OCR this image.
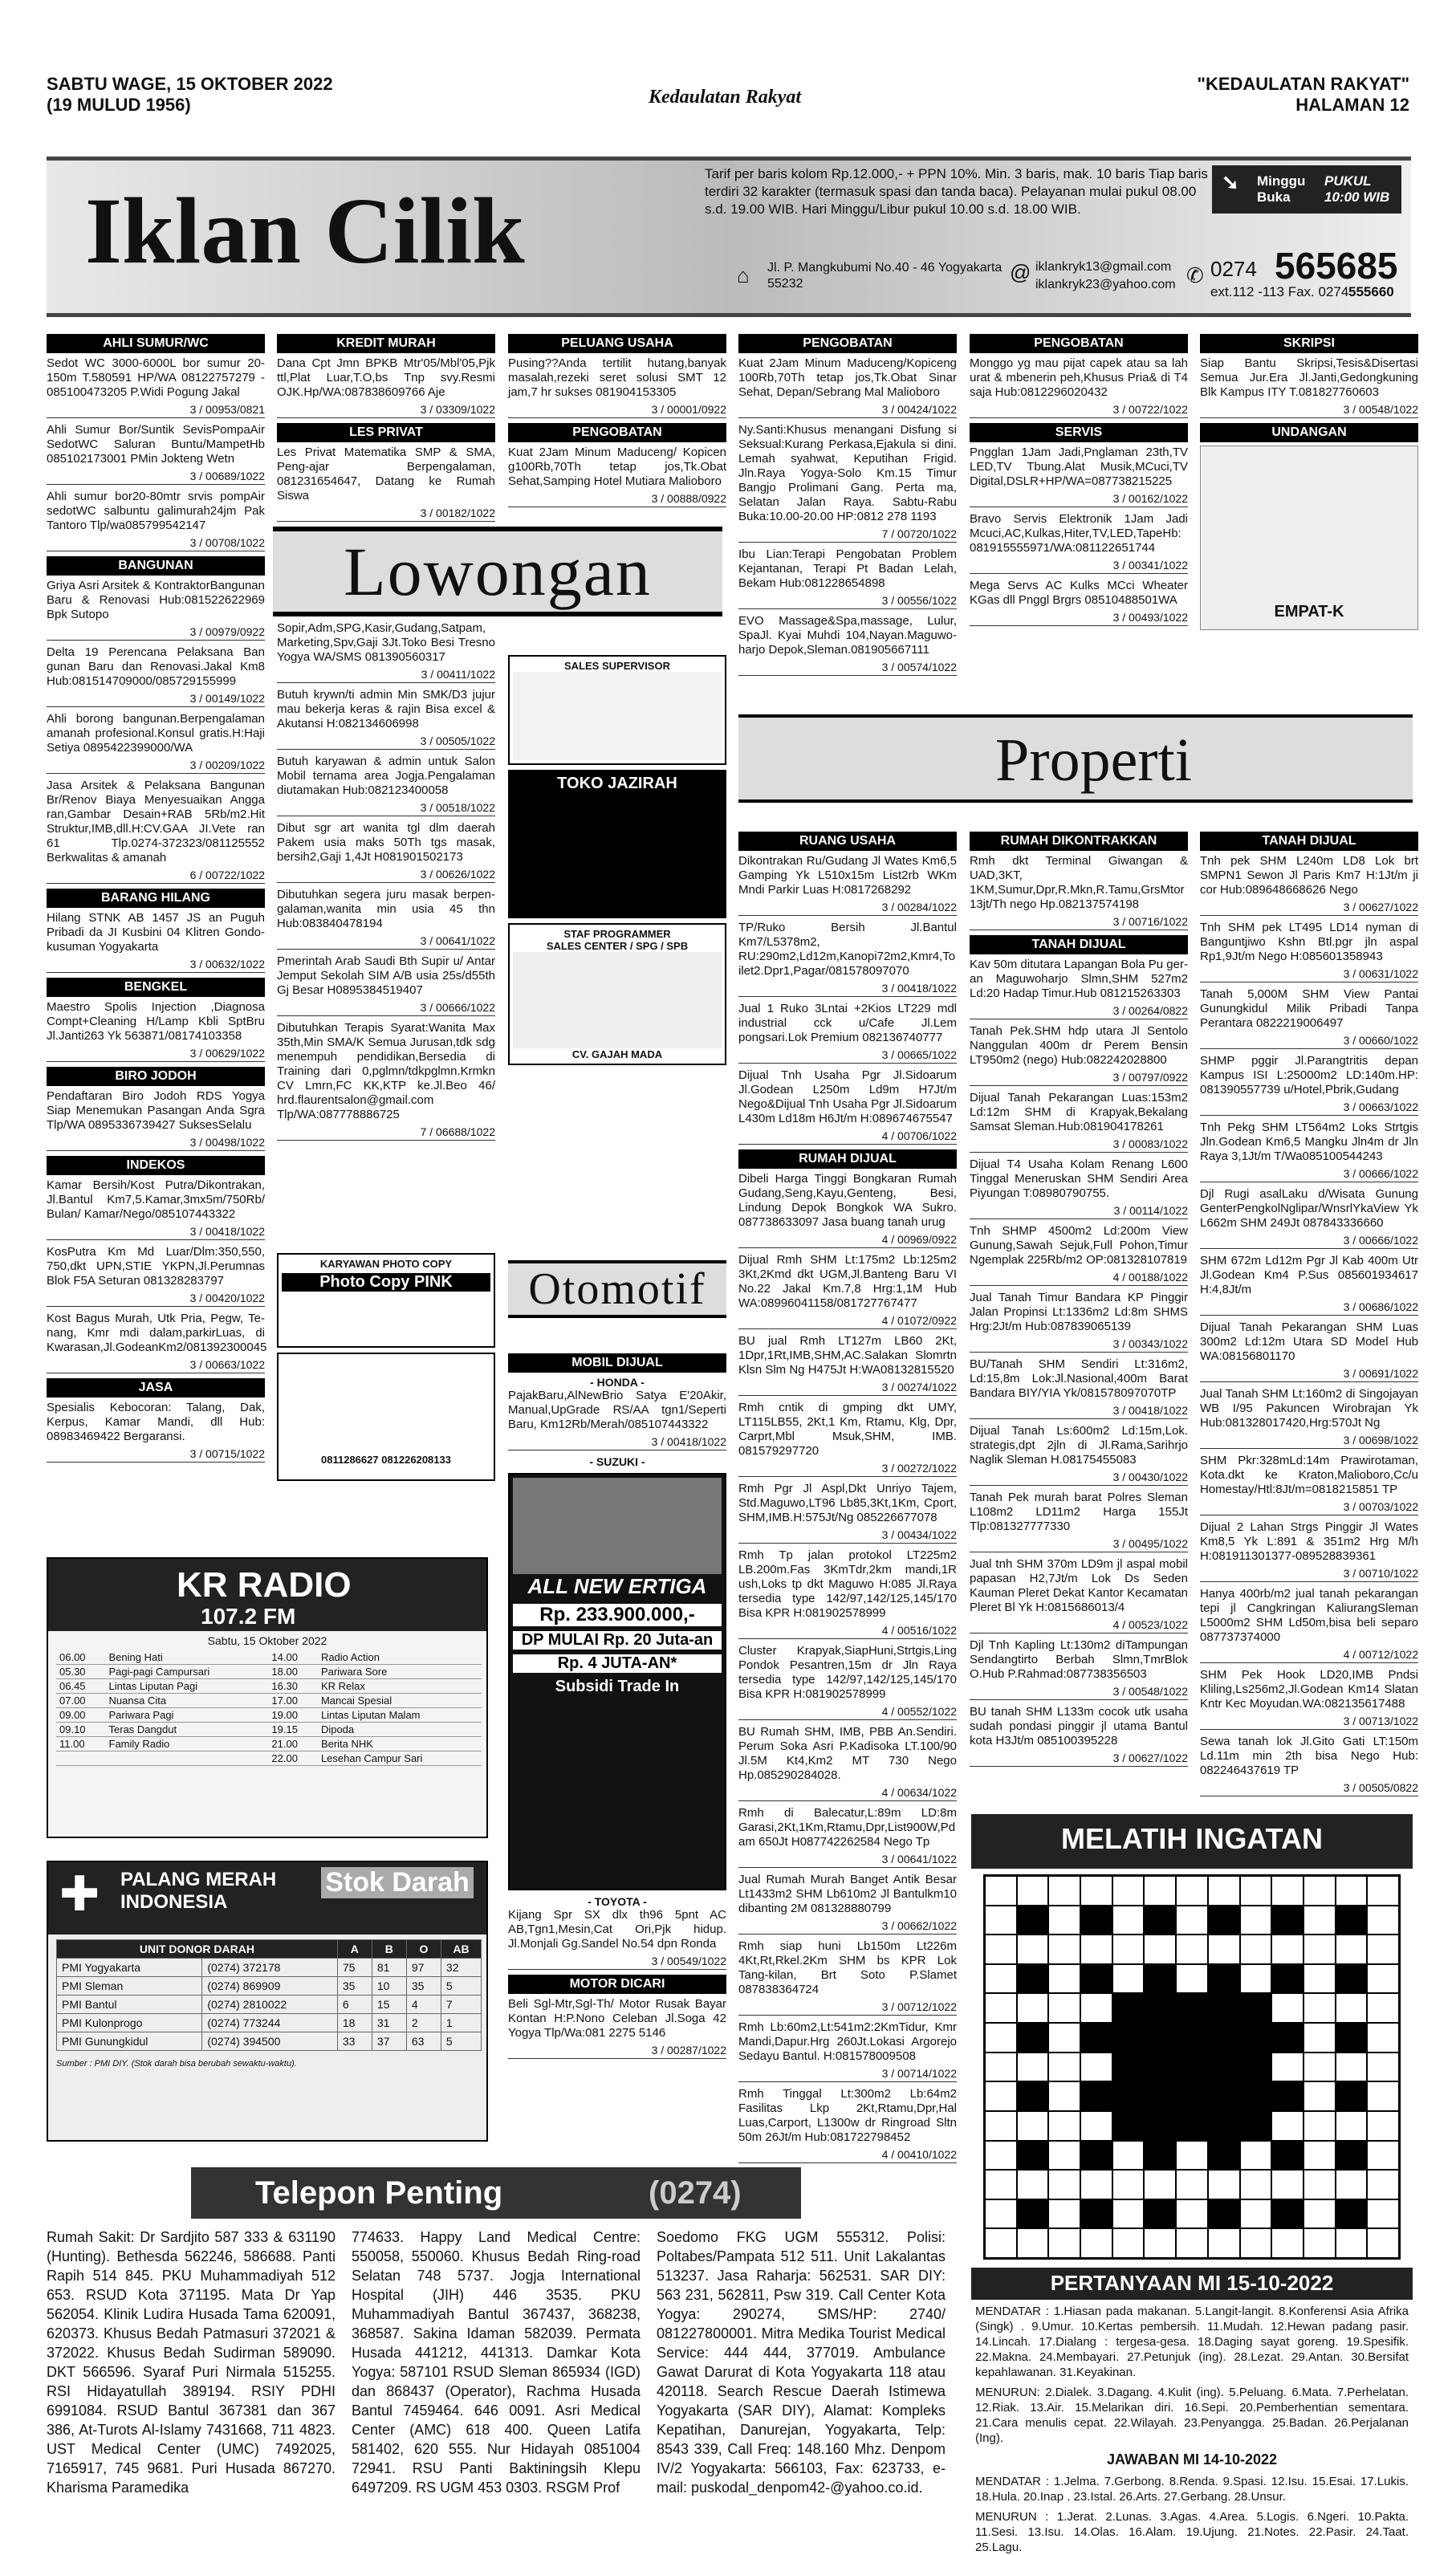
SABTU WAGE, 15 OKTOBER 2022
(19 MULUD 1956)	Kedaulatan Rakyat
"KEDAULATAN RAKYAT"
HALAMAN 12
Iklan Cilik
Tarif per baris kolom Rp.12.000,- + PPN 10%. Min. 3 baris, mak. 10 baris Tiap baris terdiri 32 karakter (termasuk spasi dan tanda baca). Pelayanan mulai pukul 08.00 s.d. 19.00 WIB. Hari Minggu/Libur pukul 10.00 s.d. 18.00 WIB.
➘ Minggu Buka
PUKUL 10:00 WIB
⌂ Jl. P. Mangkubumi No.40 - 46 Yogyakarta 55232	@ iklankryk13@gmail.com
iklankryk23@yahoo.com ✆ 0274 565685
ext.112 -113 Fax. 0274 555660
AHLI SUMUR/WC
Sedot WC 3000-6000L bor sumur 20-150m T.580591 HP/WA 08122757279 - 085100473205 P.Widi Pogung Jakal
3 / 00953/0821
Ahli Sumur Bor/Suntik SevisPompaAir SedotWC Saluran Buntu/MampetHb 085102173001 PMin Jokteng Wetn
3 / 00689/1022
Ahli sumur bor20-80mtr srvis pompAir sedotWC salbuntu galimurah24jm Pak Tantoro Tlp/wa085799542147
3 / 00708/1022
BANGUNAN
Griya Asri Arsitek & KontraktorBangunan Baru & Renovasi Hub:081522622969 Bpk Sutopo
3 / 00979/0922
Delta 19 Perencana Pelaksana Ban gunan Baru dan Renovasi.Jakal Km8 Hub:081514709000/085729155999
3 / 00149/1022
Ahli borong bangunan.Berpengalaman amanah profesional.Konsul gratis.H:Haji Setiya 0895422399000/WA
3 / 00209/1022
Jasa Arsitek & Pelaksana Bangunan Br/Renov Biaya Menyesuaikan Angga ran,Gambar Desain+RAB 5Rb/m2.Hit Struktur,IMB,dll.H:CV.GAA JI.Vete ran 61 Tlp.0274-372323/081125552 Berkwalitas & amanah
6 / 00722/1022
BARANG HILANG
Hilang STNK AB 1457 JS an Puguh Pribadi da JI Kusbini 04 Klitren Gondo-kusuman Yogyakarta
3 / 00632/1022
BENGKEL
Maestro Spolis Injection ,Diagnosa Compt+Cleaning H/Lamp Kbli SptBru Jl.Janti263 Yk 563871/08174103358
3 / 00629/1022
BIRO JODOH
Pendaftaran Biro Jodoh RDS Yogya Siap Menemukan Pasangan Anda Sgra Tlp/WA 0895336739427 SuksesSelalu
3 / 00498/1022
INDEKOS
Kamar Bersih/Kost Putra/Dikontrakan, Jl.Bantul Km7,5.Kamar,3mx5m/750Rb/ Bulan/ Kamar/Nego/085107443322
3 / 00418/1022
KosPutra Km Md Luar/Dlm:350,550, 750,dkt UPN,STIE YKPN,Jl.Perumnas Blok F5A Seturan 081328283797
3 / 00420/1022
Kost Bagus Murah, Utk Pria, Pegw, Te-nang, Kmr mdi dalam,parkirLuas, di Kwarasan,Jl.GodeanKm2/081392300045
3 / 00663/1022
JASA
Spesialis Kebocoran: Talang, Dak, Kerpus, Kamar Mandi, dll Hub: 08983469422 Bergaransi.
3 / 00715/1022
KREDIT MURAH
Dana Cpt Jmn BPKB Mtr'05/Mbl'05,Pjk ttl,Plat Luar,T.O,bs Tnp svy.Resmi OJK.Hp/WA:087838609766 Aje
3 / 03309/1022
LES PRIVAT
Les Privat Matematika SMP & SMA, Peng-ajar Berpengalaman, 081231654647, Datang ke Rumah Siswa
3 / 00182/1022
Lowongan
Sopir,Adm,SPG,Kasir,Gudang,Satpam, Marketing,Spv,Gaji 3Jt.Toko Besi Tresno Yogya WA/SMS 081390560317
3 / 00411/1022
Butuh krywn/ti admin Min SMK/D3 jujur mau bekerja keras & rajin Bisa excel & Akutansi H:082134606998
3 / 00505/1022
Butuh karyawan & admin untuk Salon Mobil ternama area Jogja.Pengalaman diutamakan Hub:082123400058
3 / 00518/1022
Dibut sgr art wanita tgl dlm daerah Pakem usia maks 50Th tgs masak, bersih2,Gaji 1,4Jt H081901502173
3 / 00626/1022
Dibutuhkan segera juru masak berpen-galaman,wanita min usia 45 thn Hub:083840478194
3 / 00641/1022
Pmerintah Arab Saudi Bth Supir u/ Antar Jemput Sekolah SIM A/B usia 25s/d55th Gj Besar H0895384519407
3 / 00666/1022
Dibutuhkan Terapis Syarat:Wanita Max 35th,Min SMA/K Semua Jurusan,tdk sdg menempuh pendidikan,Bersedia di Training dari 0,pglmn/tdkpglmn.Krmkn CV Lmrn,FC KK,KTP ke.Jl.Beo 46/ hrd.flaurentsalon@gmail.com Tlp/WA:087778886725
7 / 06688/1022
PELUANG USAHA
Pusing??Anda tertilit hutang,banyak masalah,rezeki seret solusi SMT 12 jam,7 hr sukses 081904153305
3 / 00001/0922
PENGOBATAN
Kuat 2Jam Minum Maduceng/ Kopicen g100Rb,70Th tetap jos,Tk.Obat Sehat,Samping Hotel Mutiara Malioboro
3 / 00888/0922
SALES SUPERVISOR
TOKO JAZIRAH
STAF PROGRAMMER
SALES CENTER / SPG / SPB
CV. GAJAH MADA
KARYAWAN PHOTO COPY
Photo Copy PINK
0811286627 081226208133
PENGOBATAN
Kuat 2Jam Minum Maduceng/Kopiceng 100Rb,70Th tetap jos,Tk.Obat Sinar Sehat, Depan/Sebrang Mal Malioboro
3 / 00424/1022
Ny.Santi:Khusus menangani Disfung si Seksual:Kurang Perkasa,Ejakula si dini. Lemah syahwat, Keputihan Frigid. Jln.Raya Yogya-Solo Km.15 Timur Bangjo Prolimani Gang. Perta ma, Selatan Jalan Raya. Sabtu-Rabu Buka:10.00-20.00 HP:0812 278 1193
7 / 00720/1022
Ibu Lian:Terapi Pengobatan Problem Kejantanan, Terapi Pt Badan Lelah, Bekam Hub:081228654898
3 / 00556/1022
EVO Massage&Spa,massage, Lulur, SpaJl. Kyai Muhdi 104,Nayan.Maguwo-harjo Depok,Sleman.081905667111
3 / 00574/1022
PENGOBATAN
Monggo yg mau pijat capek atau sa lah urat & mbenerin peh,Khusus Pria& di T4 saja Hub:0812296020432
3 / 00722/1022
SERVIS
Pngglan 1Jam Jadi,Pnglaman 23th,TV LED,TV Tbung.Alat Musik,MCuci,TV Digital,DSLR+HP/WA=087738215225
3 / 00162/1022
Bravo Servis Elektronik 1Jam Jadi Mcuci,AC,Kulkas,Hiter,TV,LED,TapeHb: 081915555971/WA:081122651744
3 / 00341/1022
Mega Servs AC Kulks MCci Wheater KGas dll Pnggl Brgrs 08510488501WA
3 / 00493/1022
SKRIPSI
Siap Bantu Skripsi,Tesis&Disertasi Semua Jur.Era Jl.Janti,Gedongkuning Blk Kampus ITY T.081827760603
3 / 00548/1022
UNDANGAN
EMPAT-K
Otomotif
MOBIL DIJUAL
- HONDA -
PajakBaru,AlNewBrio Satya E'20Akir, Manual,UpGrade RS/AA tgn1/Seperti Baru, Km12Rb/Merah/085107443322
3 / 00418/1022
- SUZUKI -
ALL NEW ERTIGA
Rp. 233.900.000,-
DP MULAI Rp. 20 Juta-an
Rp. 4 JUTA-AN*
Subsidi Trade In
- TOYOTA -
Kijang Spr SX dlx th96 5pnt AC AB,Tgn1,Mesin,Cat Ori,Pjk hidup. Jl.Monjali Gg.Sandel No.54 dpn Ronda
3 / 00549/1022
MOTOR DICARI
Beli Sgl-Mtr,Sgl-Th/ Motor Rusak Bayar Kontan H:P.Nono Celeban Jl.Soga 42 Yogya Tlp/Wa:081 2275 5146
3 / 00287/1022
Properti
RUANG USAHA
Dikontrakan Ru/Gudang Jl Wates Km6,5 Gamping Yk L510x15m List2rb WKm Mndi Parkir Luas H:0817268292
3 / 00284/1022
TP/Ruko Bersih Jl.Bantul Km7/L5378m2, RU:290m2,Ld12m,Kanopi72m2,Kmr4,To ilet2.Dpr1,Pagar/081578097070
3 / 00418/1022
Jual 1 Ruko 3Lntai +2Kios LT229 mdl industrial cck u/Cafe Jl.Lem pongsari.Lok Premium 082136740777
3 / 00665/1022
Dijual Tnh Usaha Pgr Jl.Sidoarum Jl.Godean L250m Ld9m H7Jt/m Nego&Dijual Tnh Usaha Pgr Jl.Sidoarum L430m Ld18m H6Jt/m H:089674675547
4 / 00706/1022
RUMAH DIJUAL
Dibeli Harga Tinggi Bongkaran Rumah Gudang,Seng,Kayu,Genteng, Besi, Lindung Depok Bongkok WA Sukro. 087738633097 Jasa buang tanah urug
4 / 00969/0922
Dijual Rmh SHM Lt:175m2 Lb:125m2 3Kt,2Kmd dkt UGM,Jl.Banteng Baru VI No.22 Jakal Km.7,8 Hrg:1,1M Hub WA:08996041158/081727767477
4 / 01072/0922
BU jual Rmh LT127m LB60 2Kt, 1Dpr,1Rt,IMB,SHM,AC.Salakan Slomrtn Klsn Slm Ng H475Jt H:WA08132815520
3 / 00274/1022
Rmh cntik di gmping dkt UMY, LT115LB55, 2Kt,1 Km, Rtamu, Klg, Dpr, Carprt,Mbl Msuk,SHM, IMB. 081579297720
3 / 00272/1022
Rmh Pgr Jl Aspl,Dkt Unriyo Tajem, Std.Maguwo,LT96 Lb85,3Kt,1Km, Cport, SHM,IMB.H:575Jt/Ng 085226677078
3 / 00434/1022
Rmh Tp jalan protokol LT225m2 LB.200m.Fas 3KmTdr,2km mandi,1R ush,Loks tp dkt Maguwo H:085 Jl.Raya tersedia type 142/97,142/125,145/170 Bisa KPR H:081902578999
4 / 00516/1022
Cluster Krapyak,SiapHuni,Strtgis,Ling Pondok Pesantren,15m dr Jln Raya tersedia type 142/97,142/125,145/170 Bisa KPR H:081902578999
4 / 00552/1022
BU Rumah SHM, IMB, PBB An.Sendiri. Perum Soka Asri P.Kadisoka LT.100/90 Jl.5M Kt4,Km2 MT 730 Nego Hp.085290284028.
4 / 00634/1022
Rmh di Balecatur,L:89m LD:8m Garasi,2Kt,1Km,Rtamu,Dpr,List900W,Pd am 650Jt H087742262584 Nego Tp
3 / 00641/1022
Jual Rumah Murah Banget Antik Besar Lt1433m2 SHM Lb610m2 Jl Bantulkm10 dibanting 2M 081328880799
3 / 00662/1022
Rmh siap huni Lb150m Lt226m 4Kt,Rt,Rkel.2Km SHM bs KPR Lok Tang-kilan, Brt Soto P.Slamet 087838364724
3 / 00712/1022
Rmh Lb:60m2,Lt:541m2:2KmTidur, Kmr Mandi,Dapur.Hrg 260Jt.Lokasi Argorejo Sedayu Bantul. H:081578009508
3 / 00714/1022
Rmh Tinggal Lt:300m2 Lb:64m2 Fasilitas Lkp 2Kt,Rtamu,Dpr,Hal Luas,Carport, L1300w dr Ringroad Sltn 50m 26Jt/m Hub:081722798452
4 / 00410/1022
RUMAH DIKONTRAKKAN
Rmh dkt Terminal Giwangan & UAD,3KT, 1KM,Sumur,Dpr,R.Mkn,R.Tamu,GrsMtor 13jt/Th nego Hp.082137574198
3 / 00716/1022
TANAH DIJUAL
Kav 50m ditutara Lapangan Bola Pu ger-an Maguwoharjo Slmn,SHM 527m2 Ld:20 Hadap Timur.Hub 081215263303
3 / 00264/0822
Tanah Pek.SHM hdp utara Jl Sentolo Nanggulan 400m dr Perem Bensin LT950m2 (nego) Hub:082242028800
3 / 00797/0922
Dijual Tanah Pekarangan Luas:153m2 Ld:12m SHM di Krapyak,Bekalang Samsat Sleman.Hub:081904178261
3 / 00083/1022
Dijual T4 Usaha Kolam Renang L600 Tinggal Meneruskan SHM Sendiri Area Piyungan T:08980790755.
3 / 00114/1022
Tnh SHMP 4500m2 Ld:200m View Gunung,Sawah Sejuk,Full Pohon,Timur Ngemplak 225Rb/m2 OP:081328107819
4 / 00188/1022
Jual Tanah Timur Bandara KP Pinggir Jalan Propinsi Lt:1336m2 Ld:8m SHMS Hrg:2Jt/m Hub:087839065139
3 / 00343/1022
BU/Tanah SHM Sendiri Lt:316m2, Ld:15,8m Lok:Jl.Nasional,400m Barat Bandara BIY/YIA Yk/081578097070TP
3 / 00418/1022
Dijual Tanah Ls:600m2 Ld:15m,Lok. strategis,dpt 2jln di Jl.Rama,Sarihrjo Naglik Sleman H.08175455083
3 / 00430/1022
Tanah Pek murah barat Polres Sleman L108m2 LD11m2 Harga 155Jt Tlp:081327777330
3 / 00495/1022
Jual tnh SHM 370m LD9m jl aspal mobil papasan H2,7Jt/m Lok Ds Seden Kauman Pleret Dekat Kantor Kecamatan Pleret Bl Yk H:0815686013/4
4 / 00523/1022
Djl Tnh Kapling Lt:130m2 diTampungan Sendangtirto Berbah Slmn,TmrBlok O.Hub P.Rahmad:087738356503
3 / 00548/1022
BU tanah SHM L133m cocok utk usaha sudah pondasi pinggir jl utama Bantul kota H3Jt/m 085100395228
3 / 00627/1022
TANAH DIJUAL
Tnh pek SHM L240m LD8 Lok brt SMPN1 Sewon Jl Paris Km7 H:1Jt/m ji cor Hub:089648668626 Nego
3 / 00627/1022
Tnh SHM pek LT495 LD14 nyman di Banguntjiwo Kshn Btl.pgr jln aspal Rp1,9Jt/m Nego H:085601358943
3 / 00631/1022
Tanah 5,000M SHM View Pantai Gunungkidul Milik Pribadi Tanpa Perantara 0822219006497
3 / 00660/1022
SHMP pggir Jl.Parangtritis depan Kampus ISI L:25000m2 LD:140m.HP: 081390557739 u/Hotel,Pbrik,Gudang
3 / 00663/1022
Tnh Pekg SHM LT564m2 Loks Strtgis Jln.Godean Km6,5 Mangku Jln4m dr Jln Raya 3,1Jt/m T/Wa085100544243
3 / 00666/1022
Djl Rugi asalLaku d/Wisata Gunung GenterPengkolNglipar/WnsrlYkaView Yk L662m SHM 249Jt 087843336660
3 / 00666/1022
SHM 672m Ld12m Pgr Jl Kab 400m Utr Jl.Godean Km4 P.Sus 085601934617 H:4,8Jt/m
3 / 00686/1022
Dijual Tanah Pekarangan SHM Luas 300m2 Ld:12m Utara SD Model Hub WA:08156801170
3 / 00691/1022
Jual Tanah SHM Lt:160m2 di Singojayan WB I/95 Pakuncen Wirobrajan Yk Hub:081328017420,Hrg:570Jt Ng
3 / 00698/1022
SHM Pkr:328mLd:14m Prawirotaman, Kota.dkt ke Kraton,Malioboro,Cc/u Homestay/Htl:8Jt/m=0818215851 TP
3 / 00703/1022
Dijual 2 Lahan Strgs Pinggir Jl Wates Km8,5 Yk L:891 & 351m2 Hrg M/h H:081911301377-089528839361
3 / 00710/1022
Hanya 400rb/m2 jual tanah pekarangan tepi jl Cangkringan KaliurangSleman L5000m2 SHM Ld50m,bisa beli separo 087737374000
4 / 00712/1022
SHM Pek Hook LD20,IMB Pndsi Kliling,Ls256m2,Jl.Godean Km14 Slatan Kntr Kec Moyudan.WA:082135617488
3 / 00713/1022
Sewa tanah lok Jl.Gito Gati LT:150m Ld.11m min 2th bisa Nego Hub: 082246437619 TP
3 / 00505/0822
KR RADIO
107.2 FM
Sabtu, 15 Oktober 2022
06.00	Bening Hati	14.00	Radio Action
05.30	Pagi-pagi Campursari	18.00	Pariwara Sore
06.45	Lintas Liputan Pagi	16.30	KR Relax
07.00	Nuansa Cita	17.00	Mancai Spesial
09.00	Pariwara Pagi	19.00	Lintas Liputan Malam
09.10	Teras Dangdut	19.15	Dipoda
11.00	Family Radio	21.00	Berita NHK
		22.00	Lesehan Campur Sari
✚ PALANG MERAH INDONESIA
Stok Darah
UNIT DONOR DARAH		A	B	O	AB
PMI Yogyakarta	(0274) 372178	75	81	97	32
PMI Sleman	(0274) 869909	35	10	35	5
PMI Bantul	(0274) 2810022	6	15	4	7
PMI Kulonprogo	(0274) 773244	18	31	2	1
PMI Gunungkidul	(0274) 394500	33	37	63	5
Sumber : PMI DIY. (Stok darah bisa berubah sewaktu-waktu).
Telepon Penting	(0274)
Rumah Sakit: Dr Sardjito 587 333 & 631190 (Hunting). Bethesda 562246, 586688. Panti Rapih 514 845. PKU Muhammadiyah 512 653. RSUD Kota 371195. Mata Dr Yap 562054. Klinik Ludira Husada Tama 620091, 620373. Khusus Bedah Patmasuri 372021 & 372022. Khusus Bedah Sudirman 589090. DKT 566596. Syaraf Puri Nirmala 515255. RSI Hidayatullah 389194. RSIY PDHI 6991084. RSUD Bantul 367381 dan 367 386, At-Turots Al-Islamy 7431668, 711 4823. UST Medical Center (UMC) 7492025, 7165917, 745 9681. Puri Husada 867270. Kharisma Paramedika
774633. Happy Land Medical Centre: 550058, 550060. Khusus Bedah Ring-road Selatan 748 5737. Jogja International Hospital (JIH) 446 3535. PKU Muhammadiyah Bantul 367437, 368238, 368587. Sakina Idaman 582039. Permata Husada 441212, 441313. Damkar Kota Yogya: 587101 RSUD Sleman 865934 (IGD) dan 868437 (Operator), Rachma Husada Bantul 7459464. 646 0091. Asri Medical Center (AMC) 618 400. Queen Latifa 581402, 620 555. Nur Hidayah 0851004 72941. RSU Panti Baktiningsih Klepu 6497209. RS UGM 453 0303. RSGM Prof
Soedomo FKG UGM 555312. Polisi: Poltabes/Pampata 512 511. Unit Lakalantas 513237. Jasa Raharja: 562531. SAR DIY: 563 231, 562811, Psw 319. Call Center Kota Yogya: 290274, SMS/HP: 2740/ 081227800001. Mitra Medika Tourist Medical Service: 444 444, 377019. Ambulance Gawat Darurat di Kota Yogyakarta 118 atau 420118. Search Rescue Daerah Istimewa Yogyakarta (SAR DIY), Alamat: Kompleks Kepatihan, Danurejan, Yogyakarta, Telp: 8543 339, Call Freq: 148.160 Mhz. Denpom IV/2 Yogyakarta: 566103, Fax: 623733, e-mail: puskodal_denpom42-@yahoo.co.id.
MELATIH INGATAN
PERTANYAAN MI 15-10-2022
MENDATAR : 1.Hiasan pada makanan. 5.Langit-langit. 8.Konferensi Asia Afrika (Singk) . 9.Umur. 10.Kertas pembersih. 11.Mudah. 12.Hewan padang pasir. 14.Lincah. 17.Dialang : tergesa-gesa. 18.Daging sayat goreng. 19.Spesifik. 22.Makna. 24.Membayari. 27.Petunjuk (ing). 28.Lezat. 29.Antan. 30.Bersifat kepahlawanan. 31.Keyakinan.
MENURUN: 2.Dialek. 3.Dagang. 4.Kulit (ing). 5.Peluang. 6.Mata. 7.Perhelatan. 12.Riak. 13.Air. 15.Melarikan diri. 16.Sepi. 20.Pemberhentian sementara. 21.Cara menulis cepat. 22.Wilayah. 23.Penyangga. 25.Badan. 26.Perjalanan (Ing).
JAWABAN MI 14-10-2022
MENDATAR : 1.Jelma. 7.Gerbong. 8.Renda. 9.Spasi. 12.Isu. 15.Esai. 17.Lukis. 18.Hula. 20.Inap . 23.Istal. 26.Arts. 27.Gerbang. 28.Unsur.
MENURUN : 1.Jerat. 2.Lunas. 3.Agas. 4.Area. 5.Logis. 6.Ngeri. 10.Pakta. 11.Sesi. 13.Isu. 14.Olas. 16.Alam. 19.Ujung. 21.Notes. 22.Pasir. 24.Taat. 25.Lagu.
